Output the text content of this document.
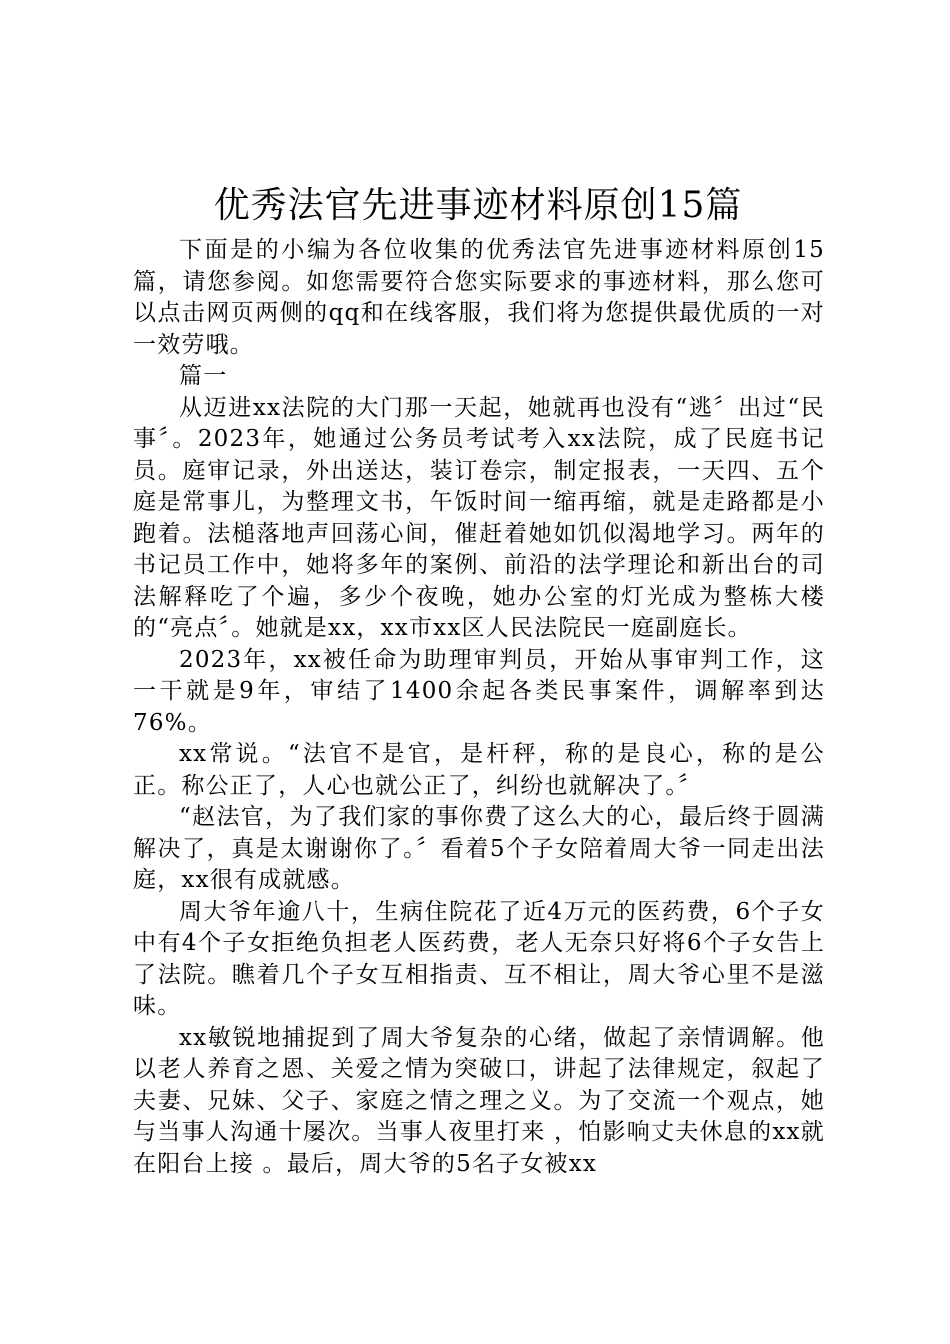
优秀法官先进事迹材料原创15篇

下面是的小编为各位收集的优秀法官先进事迹材料原创15篇，请您参阅。如您需要符合您实际要求的事迹材料，那么您可以点击网页两侧的qq和在线客服，我们将为您提供最优质的一对一效劳哦。

篇一

从迈进xx法院的大门那一天起，她就再也没有“逃〞出过“民事〞。2023年，她通过公务员考试考入xx法院，成了民庭书记员。庭审记录，外出送达，装订卷宗，制定报表，一天四、五个庭是常事儿，为整理文书，午饭时间一缩再缩，就是走路都是小跑着。法槌落地声回荡心间，催赶着她如饥似渴地学习。两年的书记员工作中，她将多年的案例、前沿的法学理论和新出台的司法解释吃了个遍，多少个夜晚，她办公室的灯光成为整栋大楼的“亮点〞。她就是xx，xx市xx区人民法院民一庭副庭长。

2023年，xx被任命为助理审判员，开始从事审判工作，这一干就是9年，审结了1400余起各类民事案件，调解率到达76%。

xx常说。“法官不是官，是杆秤，称的是良心，称的是公正。称公正了，人心也就公正了，纠纷也就解决了。〞

“赵法官，为了我们家的事你费了这么大的心，最后终于圆满解决了，真是太谢谢你了。〞看着5个子女陪着周大爷一同走出法庭，xx很有成就感。

周大爷年逾八十，生病住院花了近4万元的医药费，6个子女中有4个子女拒绝负担老人医药费，老人无奈只好将6个子女告上了法院。瞧着几个子女互相指责、互不相让，周大爷心里不是滋味。

xx敏锐地捕捉到了周大爷复杂的心绪，做起了亲情调解。他以老人养育之恩、关爱之情为突破口，讲起了法律规定，叙起了夫妻、兄妹、父子、家庭之情之理之义。为了交流一个观点，她与当事人沟通十屡次。当事人夜里打来 ，怕影响丈夫休息的xx就在阳台上接 。最后，周大爷的5名子女被xx
